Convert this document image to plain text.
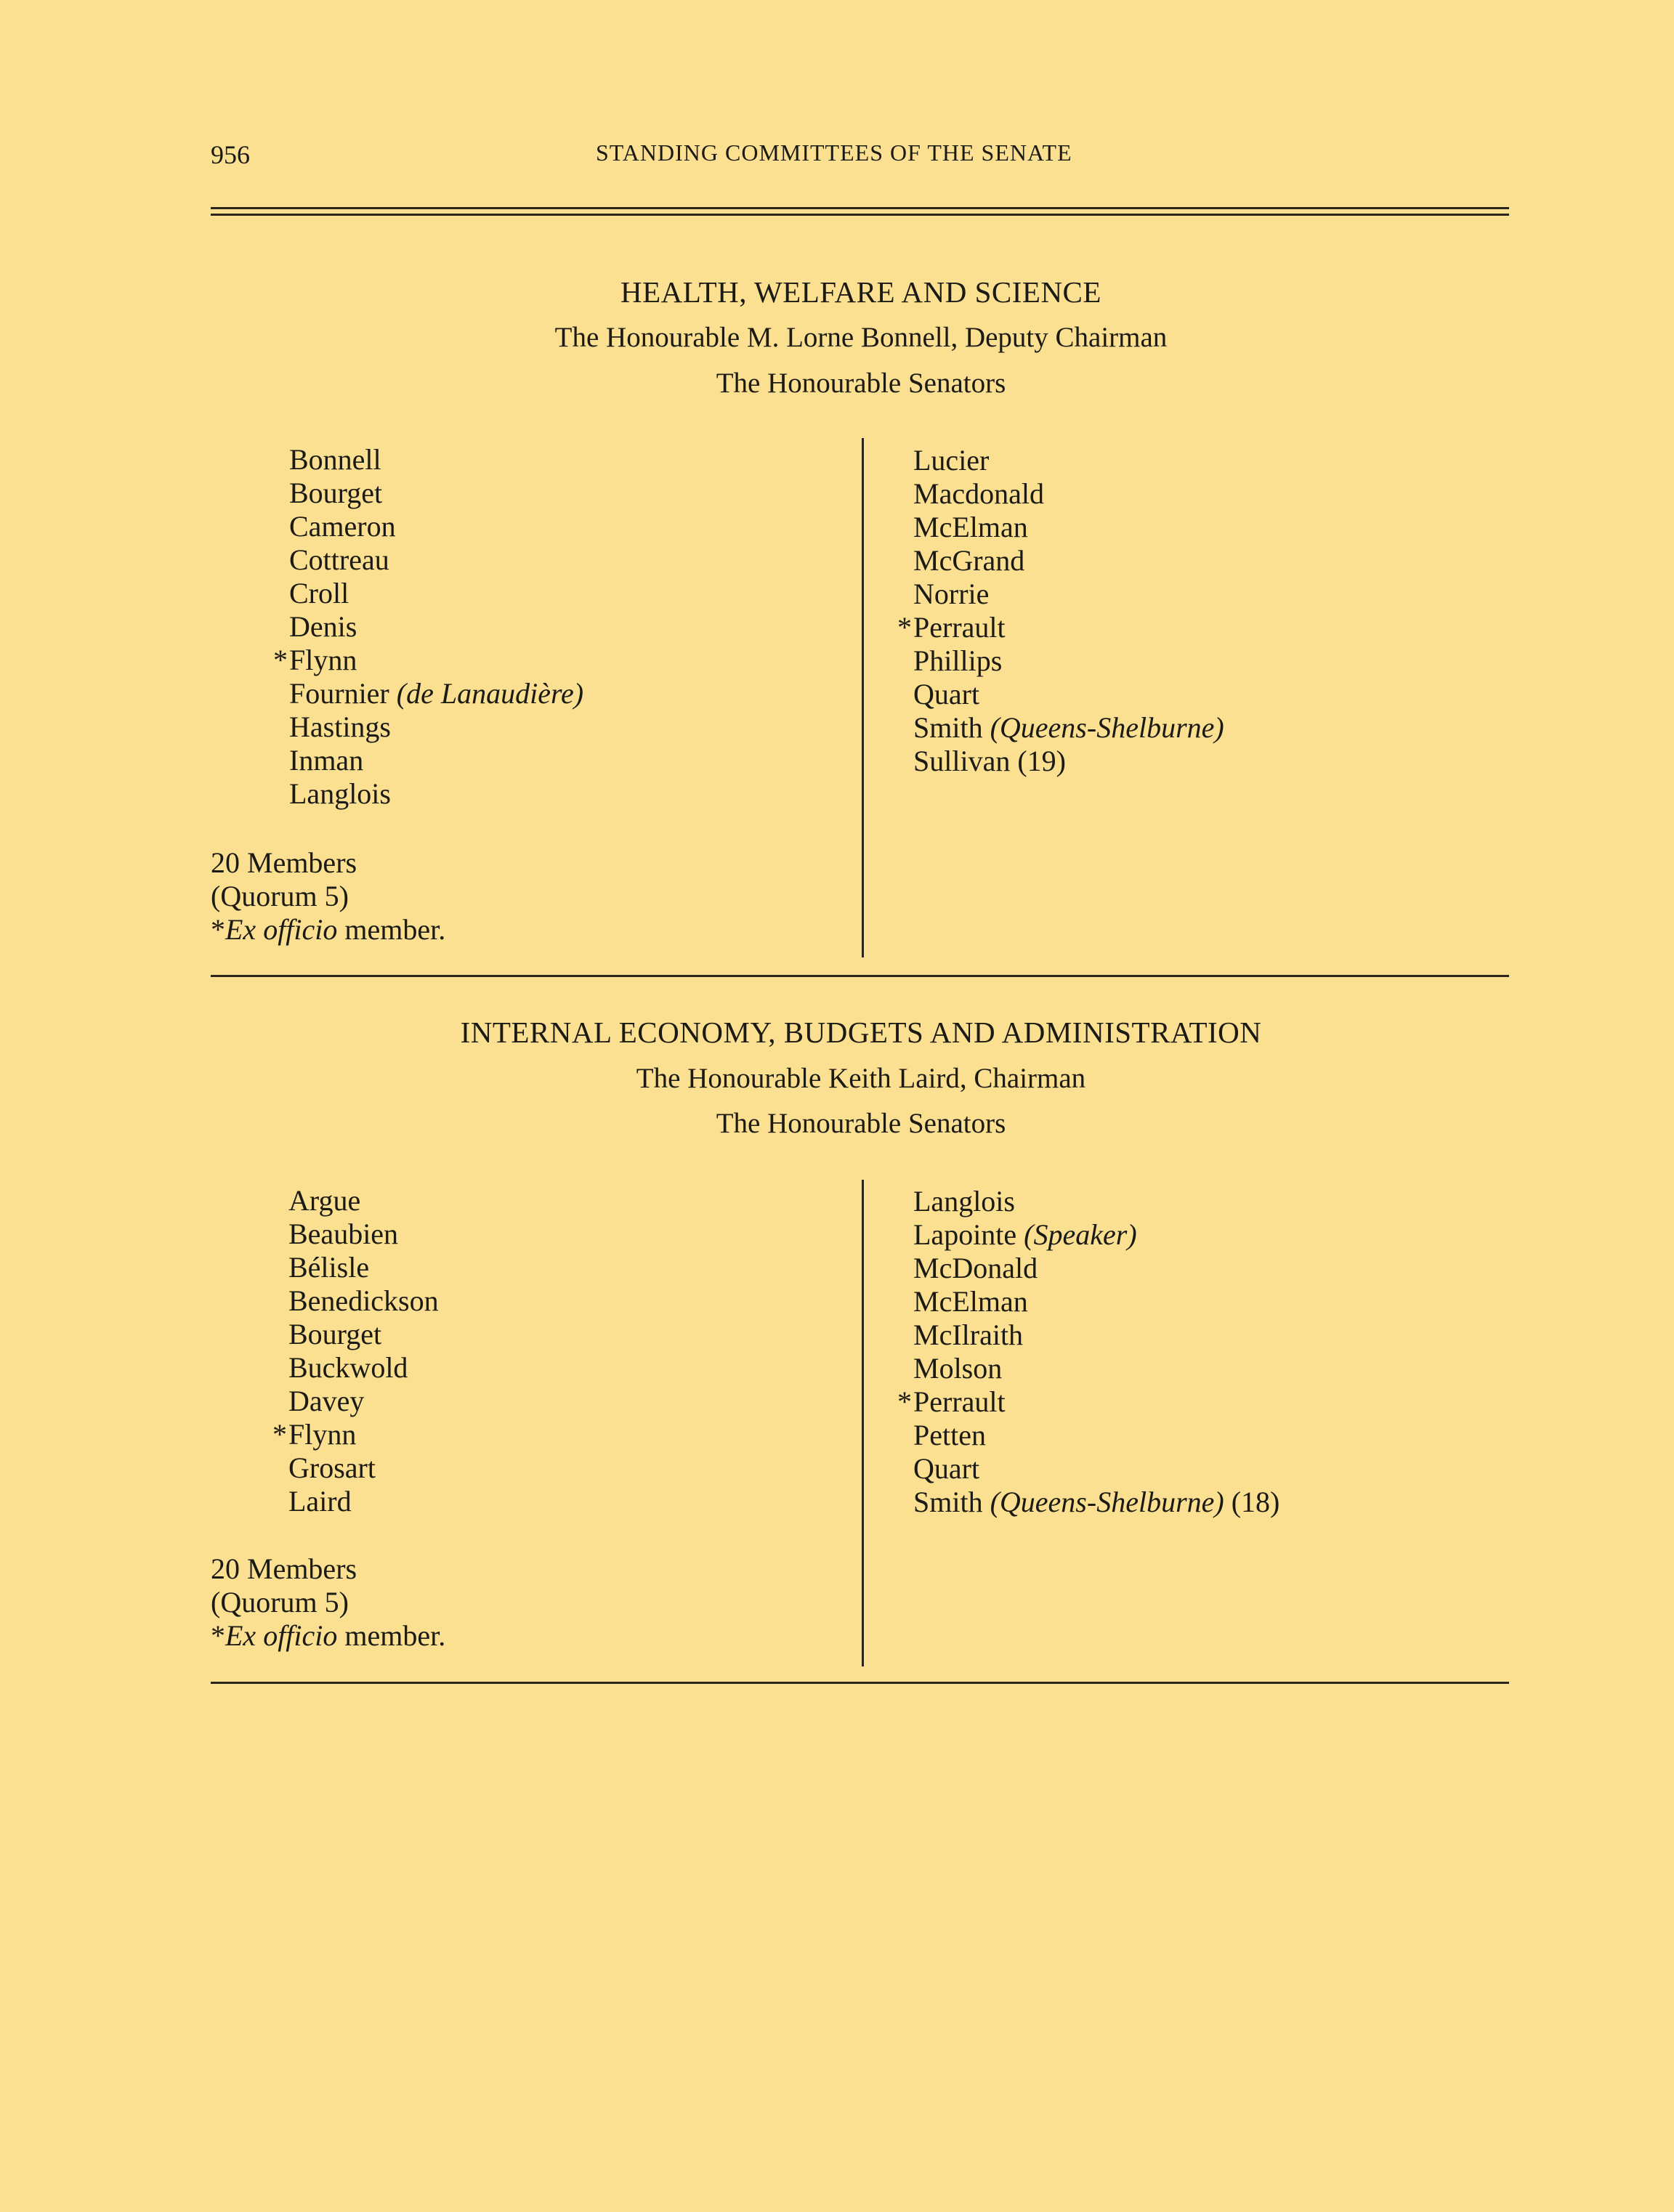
956	STANDING COMMITTEES OF THE SENATE
HEALTH, WELFARE AND SCIENCE
The Honourable M. Lorne Bonnell, Deputy Chairman
The Honourable Senators
Bonnell
Bourget
Cameron
Cottreau
Croll
Denis
*Flynn
Fournier (de Lanaudière)
Hastings
Inman
Langlois
Lucier
Macdonald
McElman
McGrand
Norrie
*Perrault
Phillips
Quart
Smith (Queens-Shelburne)
Sullivan (19)
20 Members
(Quorum 5)
*Ex officio member.
INTERNAL ECONOMY, BUDGETS AND ADMINISTRATION
The Honourable Keith Laird, Chairman
The Honourable Senators
Argue
Beaubien
Bélisle
Benedickson
Bourget
Buckwold
Davey
*Flynn
Grosart
Laird
Langlois
Lapointe (Speaker)
McDonald
McElman
McIlraith
Molson
*Perrault
Petten
Quart
Smith (Queens-Shelburne) (18)
20 Members
(Quorum 5)
*Ex officio member.
